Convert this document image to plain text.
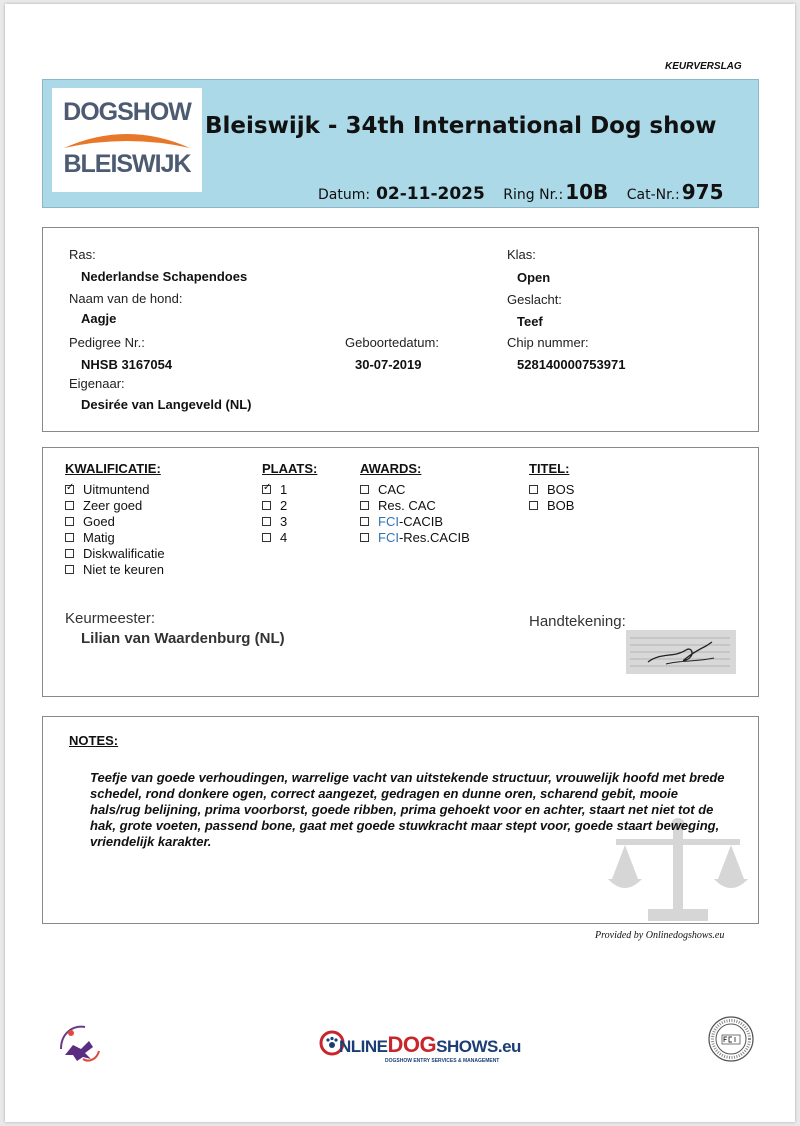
KEURVERSLAG
DOGSHOW
BLEISWIJK
Bleiswijk - 34th International Dog show
Datum: 02-11-2025 Ring Nr.: 10B Cat-Nr.: 975
Ras:
Nederlandse Schapendoes
Naam van de hond:
Aagje
Pedigree Nr.:
NHSB 3167054
Eigenaar:
Desirée van Langeveld (NL)
Geboortedatum:
30-07-2019
Klas:
Open
Geslacht:
Teef
Chip nummer:
528140000753971
KWALIFICATIE:
✓Uitmuntend
Zeer goed
Goed
Matig
Diskwalificatie
Niet te keuren
PLAATS:
✓1
2
3
4
AWARDS:
CAC
Res. CAC
FCI-CACIB
FCI-Res.CACIB
TITEL:
BOS
BOB
Keurmeester:
Lilian van Waardenburg (NL)
Handtekening:
NOTES:
Teefje van goede verhoudingen, warrelige vacht van uitstekende structuur, vrouwelijk hoofd met brede schedel, rond donkere ogen, correct aangezet, gedragen en dunne oren, scharend gebit, mooie hals/rug belijning, prima voorborst, goede ribben, prima gehoekt voor en achter, staart net niet tot de hak, grote voeten, passend bone, gaat met goede stuwkracht maar stept voor, goede staart beweging, vriendelijk karakter.
Provided by Onlinedogshows.eu
NLINEDOGSHOWS.eu
DOGSHOW ENTRY SERVICES & MANAGEMENT
